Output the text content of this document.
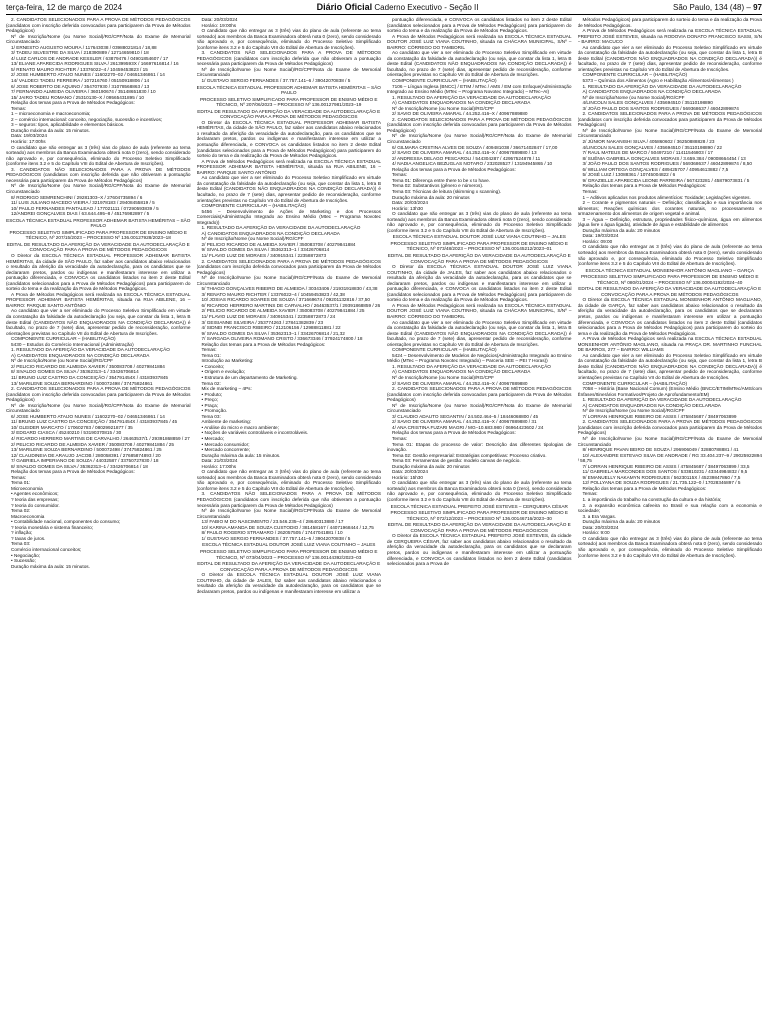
terça-feira, 12 de março de 2024	Diário Oficial Caderno Executivo - Seção II	São Paulo, 134 (48) – 97

2. CANDIDATOS SELECIONADOS PARA A PROVA DE MÉTODOS PEDAGÓGICOS (candidatos com inscrição deferida convocados para participarem da Prova de Métodos Pedagógicos)

Nº de Inscrição/Nome (ou Nome Social)/RG/CPF/Nota do Exame de Memorial Circunstanciado

1/ ERNESTO AUGUSTO MOURA / 117643038 / 03988021814 / 18,88

3/ TADEU SILVESTRE DA SILVA / 218390889 / 12714659810 / 18

4/ LUIZ CARLOS DE ANDRADE KESSLER / 63879476 / 04901854607 / 17

13/ ELIANE APARECIDA RODRIGUES SILVA / 261399593X / 16697616814 / 16

5/ RENATO MAURO RICHTER / 13376022–4 / 10459453823 / 15

2/ JOSE HUMBERTO ATAIJO NUNES / 11602270–02 / 04651346861 / 14

14/ VALDECI TADEU FERREIRA / 107216760 / 05150918806 / 14

6/ JOSE ROBERTO DE AQUINO / 354707930 / 31078568863 / 13

7/ FERNANDO ALMEIDA OLIVEIRA / 360190674 / 35148651830 / 10

15/ JAIRO TADEU ROMANO / 25310130–X / 09565431895 / 10

Relação dos temas para a Prova de Métodos Pedagógicos:

Temas:

1 – microeconomia e macroeconomia;

2 – comércio internacional: conceito, negociação, sucessão e incentivos;

3 – seguros: tipos, aplicabilidade e elementos básicos.

Duração máxima da aula: 15 minutos.

Data: 19/03/2024

Horário: 17:00hs

O candidato que não entregar as 3 (três) vias do plano de aula (referente ao tema sorteado) aos membros da Banca Examinadora obterá nota 0 (zero), sendo considerado não aprovado e, por consequência, eliminado do Processo Seletivo Simplificado (conforme itens 3.2 e 5 do Capítulo VIII do Edital de Abertura de Inscrições).

3. CANDIDATOS NÃO SELECIONADOS PARA A PROVA DE MÉTODOS PEDAGÓGICOS (candidatos com inscrição deferida que não obtiveram a pontuação necessária para participarem da Prova de Métodos Pedagógicos)

Nº de Inscrição/Nome (ou Nome Social)/RG/CPF/Nota do Exame de Memorial Circunstanciado

8/ RODRIGO SEMRENCHINI / 29281303–X / 27604735894 / 6

11/ LUIS JULIANO MACEDO VIEIRA / 321978183 / 29408455819 / 5

10/ PAULO FERNANDES PANTALEAO / 177021111 / 07290593839 / 5

12/ANDREI GONÇALVES DIAS / 63.644.495–8 / 45176982897 / 5

ESCOLA TÉCNICA ESTADUAL PROFESSOR ADHEMAR BATISTA HEMÉRITAS – SÃO PAULO

PROCESSO SELETIVO SIMPLIFICADO PARA PROFESSOR DE ENSINO MÉDIO E TÉCNICO, Nº 207/15/2023 – PROCESSO Nº 136.00127928/2023–18

EDITAL DE RESULTADO DA AFERIÇÃO DA VERACIDADE DA AUTODECLARAÇÃO E CONVOCAÇÃO PARA A PROVA DE MÉTODOS PEDAGÓGICOS

O Diretor da ESCOLA TÉCNICA ESTADUAL PROFESSOR ADHEMAR BATISTA HEMÉRITAS, da cidade de SÃO PAULO, faz saber aos candidatos abaixo relacionados o resultado da aferição da veracidade da autodeclaração, para os candidatos que se declararam pretos, pardos ou indígenas e manifestaram interesse em utilizar a pontuação diferenciada, e CONVOCA os candidatos listados no item 2 deste Edital (candidatos selecionados para a Prova de Métodos Pedagógicos) para participarem do sorteio do tema e da realização da Prova de Métodos Pedagógicos.

A Prova de Métodos Pedagógicos será realizada na ESCOLA TÉCNICA ESTADUAL PROFESSOR ADHEMAR BATISTA HEMÉRITAS, situada na RUA ABILENE, 16 – BAIRRO: PARQUE SANTO ANTÔNIO

Ao candidato que vier a ser eliminado do Processo Seletivo Simplificado em virtude da constatação da falsidade da autodeclaração (ou seja, que constar da lista 1, letra B deste Edital (CANDIDATOS NÃO ENQUADRADOS NA CONDIÇÃO DECLARADA)) é facultado, no prazo de 7 (sete) dias, apresentar pedido de reconsideração, conforme orientações previstas no Capítulo VII do Edital de Abertura de Inscrições.

COMPONENTE CURRICULAR – (HABILITAÇÃO)

5430 – Estudos do Comércio Internacional (Administração)

1. RESULTADO DA AFERIÇÃO DA VERACIDADE DA AUTODECLARAÇÃO

A) CANDIDATOS ENQUADRADOS NA CONDIÇÃO DECLARADA

Nº de Inscrição/Nome (ou Nome Social)/RG/CPF

2/ PELICIO RICARDO DE ALMEIDA XAVIER / 350083708 / 40279841884

8/ SIVALDO GOMES DA SILVA / 35362313–1 / 33426706814

11/ BRUNO LUIZ CASTRO DA CONCEIÇÃO / 354791454X / 43183937845

13/ MARILENE SOUZA BERNARDINO / 500072498 / 37475824861

2. CANDIDATOS SELECIONADOS PARA A PROVA DE MÉTODOS PEDAGÓGICOS (candidatos com inscrição deferida convocados para participarem da Prova de Métodos Pedagógicos)

Nº de Inscrição/Nome (ou Nome Social)/RG/CPF/Nota do Exame de Memorial Circunstanciado

6/ JOSE HUMBERTO ATAIJO NUNES / 11602270–02 / 04651346861 / 14

11/ BRUNO LUIZ CASTRO DA CONCEIÇÃO / 354791454X / 43183937845 / 45

10/ GLEIDER MARCATO / 170602783 / 08029921877 / 35

3/ EDGARD CIASCA / 45240210 / 53190370815 / 30

4/ RICARDO HERRERO MARTINS DE CARVALHO / 26463537/1 / 29391868859 / 27

2/ PELICIO RICARDO DE ALMEIDA XAVIER / 350083708 / 40279841884 / 25

13/ MARILENE SOUZA BERNARDINO / 500072498 / 37475824861 / 25

12/ CLAUDINEIA DE ARAUJO JACOB / 280058391 / 27685874893 / 20

7/ GABRIELA IMPERIANO DE SOUZA / 44032587 / 33750727830 / 18

8/ SIVALDO GOMES DA SILVA / 35362313–1 / 33426706814 / 18

Relação dos temas para a Prova de Métodos Pedagógicos:

Temas:

Tema 01:

Microeconomia

• Agentes econômicos;

? teoria das empresas;

? teoria do consumidor.

Tema 02:

Macroeconomia

• Contabilidade nacional, componentes do consumo;

? teoria monetária e sistema financeiro;

? inflação;

? taxas de juros.

Tema 03:

Comércio internacional conceitos;

• Negociação;

• Sucessão;

Duração máxima da aula: 15 minutos.

Data: 20/03/2024

Horário: 19:00hs

O candidato que não entregar as 3 (três) vias do plano de aula (referente ao tema sorteado) aos membros da Banca Examinadora obterá nota 0 (zero), sendo considerado não aprovado e, por consequência, eliminado do Processo Seletivo Simplificado (conforme itens 3.2 e 5 do Capítulo VIII do Edital de Abertura de Inscrições).

3. CANDIDATOS NÃO SELECIONADOS PARA A PROVA DE MÉTODOS PEDAGÓGICOS (candidatos com inscrição deferida que não obtiveram a pontuação necessária para participarem da Prova de Métodos Pedagógicos)

Nº de Inscrição/Nome (ou Nome Social)/RG/CPF/Nota do Exame de Memorial Circunstanciado

1/ GUSTAVO SERGIO FERNANDES / 37.757.141–6 / 39042070838 / 5

ESCOLA TÉCNICA ESTADUAL PROFESSOR ADHEMAR BATISTA HEMÉRITAS – SÃO PAULO

PROCESSO SELETIVO SIMPLIFICADO PARA PROFESSOR DE ENSINO MÉDIO E TÉCNICO, Nº 207/06/2023 – PROCESSO Nº 136.00127981/2023–19

EDITAL DE RESULTADO DA AFERIÇÃO DA VERACIDADE DA AUTODECLARAÇÃO E CONVOCAÇÃO PARA A PROVA DE MÉTODOS PEDAGÓGICOS

O Diretor da ESCOLA TÉCNICA ESTADUAL PROFESSOR ADHEMAR BATISTA HEMÉRITAS, da cidade de SÃO PAULO, faz saber aos candidatos abaixo relacionados o resultado da aferição da veracidade da autodeclaração, para os candidatos que se declararam pretos, pardos ou indígenas e manifestaram interesse em utilizar a pontuação diferenciada, e CONVOCA os candidatos listados no item 2 deste Edital (candidatos selecionados para a Prova de Métodos Pedagógicos) para participarem do sorteio do tema e da realização da Prova de Métodos Pedagógicos.

A Prova de Métodos Pedagógicos será realizada na ESCOLA TÉCNICA ESTADUAL PROFESSOR ADHEMAR BATISTA HEMÉRITAS, situada na RUA ABILENE, 16 – BAIRRO: PARQUE SANTO ANTÔNIO

Ao candidato que vier a ser eliminado do Processo Seletivo Simplificado em virtude da constatação da falsidade da autodeclaração (ou seja, que constar da lista 1, letra B deste Edital (CANDIDATOS NÃO ENQUADRADOS NA CONDIÇÃO DECLARADA)) é facultado, no prazo de 7 (sete) dias, apresentar pedido de reconsideração, conforme orientações previstas no Capítulo VII do Edital de Abertura de Inscrições.

COMPONENTE CURRICULAR – (HABILITAÇÃO)

5456 – Desenvolvimento de Ações de Marketing e dos Processos Comerciais(Administração Integrado ao Ensino Médio (Mtec – Programa Novotec Integrado))

1. RESULTADO DA AFERIÇÃO DA VERACIDADE DA AUTODECLARAÇÃO

A) CANDIDATOS ENQUADRADOS NA CONDIÇÃO DECLARADA

Nº de Inscrição/Nome (ou Nome Social)/RG/CPF

2/ PELICIO RICARDO DE ALMEIDA XAVIER / 350083708 / 40279841884

9/ SIVALDO GOMES DA SILVA / 35362313–1 / 33426706814

11/ FLAVIO LUIZ DE MORAES / 340915341 / 22358872873

2. CANDIDATOS SELECIONADOS PARA A PROVA DE MÉTODOS PEDAGÓGICOS (candidatos com inscrição deferida convocados para participarem da Prova de Métodos Pedagógicos)

Nº de Inscrição/Nome (ou Nome Social)/RG/CPF/Nota do Exame de Memorial Circunstanciado

5/ THIAGO GONÇALVES RIBEIRO DE ALMEIDA / 30343406 / 21931918830 / 43,38

3/ RENATO MAURO RICHTER / 13376022–4 / 10459453823 / 42,38

10/ JOSIAS RICARDO SOARES DE SOUZA / 371669674 / 09201132816 / 37,50

6/ RICARDO HERRERO MARTINS DE CARVALHO / 26463537/1 / 29391868859 / 26

2/ PELICIO RICARDO DE ALMEIDA XAVIER / 350083708 / 40279841884 / 25

11/ FLAVIO LUIZ DE MORAES / 340915341 / 22358872873 / 24

3/ GEISIANNE SILVEIRA / 253774263 / 27841382839 / 23

4/ SIDNEI FRANCISCO RIBEIRO / 212106156 / 12988811881 / 22

9/ SIVALDO GOMES DA SILVA / 35362313–1 / 33426706814 / 21,32

7/ SARGADA OLIVEIRA ROMANO CRISTO / 336673346 / 37924174800 / 18

Relação dos temas para a Prova de Métodos Pedagógicos:

Temas:

Tema 01:

Introdução ao Marketing:

• Conceito;

• Origem e evolução;

• Estrutura de um departamento de Marketing.

Tema 02:

Mix de marketing – 4Ps:

• Produto;

• Preço;

• Praça;

• Promoção.

Tema 03:

Ambiente de marketing:

• Análise do micro e macro ambiente;

• Noções de variáveis controláveis e incontroláveis.

• Mercado;

• Mercado consumidor;

• Mercado concorrente;

Duração máxima da aula: 15 minutos.

Data: 21/03/2024

Horário: 17:00hs

O candidato que não entregar as 3 (três) vias do plano de aula (referente ao tema sorteado) aos membros da Banca Examinadora obterá nota 0 (zero), sendo considerado não aprovado e, por consequência, eliminado do Processo Seletivo Simplificado (conforme itens 3.2 e 5 do Capítulo VIII do Edital de Abertura de Inscrições).

3. CANDIDATOS NÃO SELECIONADOS PARA A PROVA DE MÉTODOS PEDAGÓGICOS (candidatos com inscrição deferida que não obtiveram a pontuação necessária para participarem da Prova de Métodos Pedagógicos)

Nº de Inscrição/Nome (ou Nome Social)/RG/CPF/Nota do Exame de Memorial Circunstanciado

13/ FABIO M DO NASCIMENTO / 23.546.235–4 / 28640313880 / 17

10/ KARINA AMANDA DE SOUZA CUSTODIO / 381458167 / 44071968444 / 12,75

8/ PAULO ROGERIO STRAMARO / 262057505 / 17447041881 / 10

1/ GUSTAVO SERGIO FERNANDES / 37.757.141–6 / 39042070838 / 5

ESCOLA TÉCNICA ESTADUAL DOUTOR JOSÉ LUIZ VIANA COUTINHO – JALES

PROCESSO SELETIVO SIMPLIFICADO PARA PROFESSOR DE ENSINO MÉDIO E TÉCNICO, Nº 073/04/2023 – PROCESSO Nº 136.00144392/2023–03

EDITAL DE RESULTADO DA AFERIÇÃO DA VERACIDADE DA AUTODECLARAÇÃO E CONVOCAÇÃO PARA A PROVA DE MÉTODOS PEDAGÓGICOS

O Diretor da ESCOLA TÉCNICA ESTADUAL DOUTOR JOSÉ LUIZ VIANA COUTINHO, da cidade de JALES, faz saber aos candidatos abaixo relacionados o resultado da aferição da veracidade da autodeclaração, para os candidatos que se declararam pretos, pardos ou indígenas e manifestaram interesse em utilizar a

pontuação diferenciada, e CONVOCA os candidatos listados no item 2 deste Edital (candidatos selecionados para a Prova de Métodos Pedagógicos) para participarem do sorteio do tema e da realização da Prova de Métodos Pedagógicos.

A Prova de Métodos Pedagógicos será realizada na ESCOLA TÉCNICA ESTADUAL DOUTOR JOSÉ LUIZ VIANA COUTINHO, situada na CHÁCARA MUNICIPAL, S/Nº – BAIRRO: CÓRREGO DO TAMBORIL

Ao candidato que vier a ser eliminado do Processo Seletivo Simplificado em virtude da constatação da falsidade da autodeclaração (ou seja, que constar da lista 1, letra B deste Edital (CANDIDATOS NÃO ENQUADRADOS NA CONDIÇÃO DECLARADA)) é facultado, no prazo de 7 (sete) dias, apresentar pedido de reconsideração, conforme orientações previstas no Capítulo VII do Edital de Abertura de Inscrições.

COMPONENTE CURRICULAR – (HABILITAÇÃO)

7106 – Língua Inglesa (BNCC) / ETIM / MTec / AMS / EM com Enfoque(Administração Integrado ao Ensino Médio (MTec – Programa Novotec Integrado) – MTec–AI)

1. RESULTADO DA AFERIÇÃO DA VERACIDADE DA AUTODECLARAÇÃO

A) CANDIDATOS ENQUADRADOS NA CONDIÇÃO DECLARADA

Nº de Inscrição/Nome (ou Nome Social)/RG/CPF

2/ SAVIO DE OLIVEIRA AMARAL / 44.252.416–X / 40967889880

2. CANDIDATOS SELECIONADOS PARA A PROVA DE MÉTODOS PEDAGÓGICOS (candidatos com inscrição deferida convocados para participarem da Prova de Métodos Pedagógicos)

Nº de Inscrição/Nome (ou Nome Social)/RG/CPF/Nota do Exame de Memorial Circunstanciado

6/ GILMARA CRISTINA ALVES DE SOUZA / 409481038 / 36671402847 / 17,00

2/ SAVIO DE OLIVEIRA AMARAL / 44.252.416–X / 40967889880 / 13

2/ ANDRESSA DELAGO PESCAROLI / 544304287 / 42957524878 / 11

4/ NADIA ANGELICA BEZUGLAS NOTARO / 232028527 / 13194945865 / 10

Relação dos temas para a Prova de Métodos Pedagógicos:

Temas:

Tema 01: Diferença entre there to be x to have.

Tema 02: Substantivos (gênero e números).

Tema 03: Técnicas de leitura (skimming x scanning).

Duração máxima da aula: 20 minutos

Data: 20/03/2024

Horário: 13h30

O candidato que não entregar as 3 (três) vias do plano de aula (referente ao tema sorteado) aos membros da Banca Examinadora obterá nota 0 (zero), sendo considerado não aprovado e, por consequência, eliminado do Processo Seletivo Simplificado (conforme itens 3.2 e 5 do Capítulo VIII do Edital de Abertura de Inscrições).

ESCOLA TÉCNICA ESTADUAL DOUTOR JOSÉ LUIZ VIANA COUTINHO – JALES

PROCESSO SELETIVO SIMPLIFICADO PARA PROFESSOR DE ENSINO MÉDIO E TÉCNICO, Nº 073/48/2023 – PROCESSO Nº 136.00145212/2023–01

EDITAL DE RESULTADO DA AFERIÇÃO DA VERACIDADE DA AUTODECLARAÇÃO E CONVOCAÇÃO PARA A PROVA DE MÉTODOS PEDAGÓGICOS

O Diretor da ESCOLA TÉCNICA ESTADUAL DOUTOR JOSÉ LUIZ VIANA COUTINHO, da cidade de JALES, faz saber aos candidatos abaixo relacionados o resultado da aferição da veracidade da autodeclaração, para os candidatos que se declararam pretos, pardos ou indígenas e manifestaram interesse em utilizar a pontuação diferenciada, e CONVOCA os candidatos listados no item 2 deste Edital (candidatos selecionados para a Prova de Métodos Pedagógicos) para participarem do sorteio do tema e da realização da Prova de Métodos Pedagógicos.

A Prova de Métodos Pedagógicos será realizada na ESCOLA TÉCNICA ESTADUAL DOUTOR JOSÉ LUIZ VIANA COUTINHO, situada na CHÁCARA MUNICIPAL, S/Nº – BAIRRO: CÓRREGO DO TAMBORIL

Ao candidato que vier a ser eliminado do Processo Seletivo Simplificado em virtude da constatação da falsidade da autodeclaração (ou seja, que constar da lista 1, letra B deste Edital (CANDIDATOS NÃO ENQUADRADOS NA CONDIÇÃO DECLARADA)) é facultado, no prazo de 7 (sete) dias, apresentar pedido de reconsideração, conforme orientações previstas no Capítulo VII do Edital de Abertura de Inscrições.

COMPONENTE CURRICULAR – (HABILITAÇÃO)

5424 – Desenvolvimento de Modelos de Negócios(Administração Integrado ao Ensino Médio (MTec – Programa Novotec Integrado) – Parceria SEE – PEI 7 Horas))

1. RESULTADO DA AFERIÇÃO DA VERACIDADE DA AUTODECLARAÇÃO

A) CANDIDATOS ENQUADRADOS NA CONDIÇÃO DECLARADA

Nº de Inscrição/Nome (ou Nome Social)/RG/CPF

2/ SAVIO DE OLIVEIRA AMARAL / 44.252.416–X / 40967889880

2. CANDIDATOS SELECIONADOS PARA A PROVA DE MÉTODOS PEDAGÓGICOS (candidatos com inscrição deferida convocados para participarem da Prova de Métodos Pedagógicos)

Nº de Inscrição/Nome (ou Nome Social)/RG/CPF/Nota do Exame de Memorial Circunstanciado

3/ CLAUDIO ADAUTO SEGANTIN / 24.502.464–5 / 18446068800 / 45

2/ SAVIO DE OLIVEIRA AMARAL / 44.252.416–X / 40967889880 / 31

4/ ANA CRISTINA FUZARI MAGRI / MG–10.683.980 / 06964423602 / 24

Relação dos temas para a Prova de Métodos Pedagógicos:

Temas:

Tema 01: Etapas do processo de valor: Descrição das diferentes tipologias de inovação.

Tema 02: Gestão empresarial: Estratégias competitivas: Processo criativo.

Tema 03: Ferramentas de gestão: modelo canvas de negócio.

Duração máxima da aula: 20 minutos

Data: 20/03/2024

Horário: 15h30

O candidato que não entregar as 3 (três) vias do plano de aula (referente ao tema sorteado) aos membros da Banca Examinadora obterá nota 0 (zero), sendo considerado não aprovado e, por consequência, eliminado do Processo Seletivo Simplificado (conforme itens 3.2 e 5 do Capítulo VIII do Edital de Abertura de Inscrições).

ESCOLA TÉCNICA ESTADUAL PREFEITO JOSÉ ESTEVES – CERQUEIRA CÉSAR

PROCESSO SELETIVO SIMPLIFICADO PARA PROFESSOR DE ENSINO MÉDIO E TÉCNICO, Nº 072/12/2023 – PROCESSO Nº 136.00146716/2023–30

EDITAL DE RESULTADO DA AFERIÇÃO DA VERACIDADE DA AUTODECLARAÇÃO E CONVOCAÇÃO PARA A PROVA DE MÉTODOS PEDAGÓGICOS

O Diretor da ESCOLA TÉCNICA ESTADUAL PREFEITO JOSÉ ESTEVES, da cidade de CERQUEIRA CÉSAR, faz saber aos candidatos abaixo relacionados o resultado da aferição da veracidade da autodeclaração, para os candidatos que se declararam pretos, pardos ou indígenas e manifestaram interesse em utilizar a pontuação diferenciada, e CONVOCA os candidatos listados no item 2 deste Edital (candidatos selecionados para a Prova de

Métodos Pedagógicos) para participarem do sorteio do tema e da realização da Prova de Métodos Pedagógicos.

A Prova de Métodos Pedagógicos será realizada na ESCOLA TÉCNICA ESTADUAL PREFEITO JOSÉ ESTEVES, situada na RODOVIA DONATO FRANCISCO SASSI, S/N – BAIRRO: MACUCO

Ao candidato que vier a ser eliminado do Processo Seletivo Simplificado em virtude da constatação da falsidade da autodeclaração (ou seja, que constar da lista 1, letra B deste Edital (CANDIDATOS NÃO ENQUADRADOS NA CONDIÇÃO DECLARADA)) é facultado, no prazo de 7 (sete) dias, apresentar pedido de reconsideração, conforme orientações previstas no Capítulo VII do Edital de Abertura de Inscrições.

COMPONENTE CURRICULAR – (HABILITAÇÃO)

5373 – Química dos Alimentos (Agro e Habilitação Alimentos/Alimentos )

1. RESULTADO DA AFERIÇÃO DA VERACIDADE DA AUTODECLARAÇÃO

A) CANDIDATOS ENQUADRADOS NA CONDIÇÃO DECLARADA

Nº de Inscrição/Nome (ou Nome Social)/RG/CPF

4/LINCOLN SALES GONÇALVES / 435694510 / 35110198890

3/ JOÃO PAULO DOS SANTOS RODRIGUES / 569368637 / 46042899874

2. CANDIDATOS SELECIONADOS PARA A PROVA DE MÉTODOS PEDAGÓGICOS (candidatos com inscrição deferida convocados para participarem da Prova de Métodos Pedagógicos)

Nº de Inscrição/Nome (ou Nome Social)/RG/CPF/Nota do Exame de Memorial Circunstanciado

2/ JÚNIOR NAKANISHI SILVA / 405860602 / 36250888828 / 23

4/LINCOLN SALES GONÇALVES / 435694510 / 35110198890 / 22

7/ RAUL MATEUS DE MARCO / 50497210 / 11411546803 / 17

8/ SUÊNIA GABRIELA GONÇALVES MORAIS / 3.659.384 / 09008664454 / 13

3/ JOÃO PAULO DOS SANTOS RODRIGUES / 569368637 / 46042899874 / 8,50

6/ WILLIAM ORTEGA GONÇALVES / 489425707 / 40954613882 / 7,5

5/ JOSÉ LUIZ / 13088361 / 10745004822 / 6

9/ GRAZIELLE APARECIDA LEONE PARREIRA / 567423281 / 45879073831 / 5

Relação dos temas para a Prova de Métodos Pedagógicos:

Temas:

1 – Aditivos aplicados nos produtos alimentícios: Toxidade; Legislações vigentes.

2 – Corante e pigmentos naturais – Definição; classificação e sua importância nos alimentos; Reações químicas dos corantes naturais, no processamento e armazenamento dos alimentos de origem vegetal e animal.

3 – Água – Definição, estrutura, propriedades físico–químicas, água em alimentos (água livre x água ligada), atividade de água e estabilidade de alimentos

Duração máxima da aula: 20 minutos

Data: 19/03/2024

Horário: 09:00

O candidato que não entregar as 3 (três) vias do plano de aula (referente ao tema sorteado) aos membros da Banca Examinadora obterá nota 0 (zero), sendo considerado não aprovado e, por consequência, eliminado do Processo Seletivo Simplificado (conforme itens 3.2 e 5 do Capítulo VIII do Edital de Abertura de Inscrições).

ESCOLA TÉCNICA ESTADUAL MONSENHOR ANTÔNIO MAGLIANO – GARÇA

PROCESSO SELETIVO SIMPLIFICADO PARA PROFESSOR DE ENSINO MÉDIO E TÉCNICO, Nº 080/01/2024 – PROCESSO Nº 136.00004192/2024–40

EDITAL DE RESULTADO DA AFERIÇÃO DA VERACIDADE DA AUTODECLARAÇÃO E CONVOCAÇÃO PARA A PROVA DE MÉTODOS PEDAGÓGICOS

O Diretor da ESCOLA TÉCNICA ESTADUAL MONSENHOR ANTÔNIO MAGLIANO, da cidade de GARÇA, faz saber aos candidatos abaixo relacionados o resultado da aferição da veracidade da autodeclaração, para os candidatos que se declararam pretos, pardos ou indígenas e manifestaram interesse em utilizar a pontuação diferenciada, e CONVOCA os candidatos listados no item 2 deste Edital (candidatos selecionados para a Prova de Métodos Pedagógicos) para participarem do sorteio do tema e da realização da Prova de Métodos Pedagógicos.

A Prova de Métodos Pedagógicos será realizada na ESCOLA TÉCNICA ESTADUAL MONSENHOR ANTÔNIO MAGLIANO, situada na PRAÇA DR. MARTINHO FUNCHAL DE BARROS, 277 – BAIRRO: WILLIAMS

Ao candidato que vier a ser eliminado do Processo Seletivo Simplificado em virtude da constatação da falsidade da autodeclaração (ou seja, que constar da lista 1, letra B deste Edital (CANDIDATOS NÃO ENQUADRADOS NA CONDIÇÃO DECLARADA)) é facultado, no prazo de 7 (sete) dias, apresentar pedido de reconsideração, conforme orientações previstas no Capítulo VII do Edital de Abertura de Inscrições.

COMPONENTE CURRICULAR – (HABILITAÇÃO)

7058 – História (Base Nacional Comum) (Ensino Médio (BNCC/ETIM/MTec/AMS/com Ênfases/Itinerários Formativos/Projeto de Aprofundamento/EM)

1. RESULTADO DA AFERIÇÃO DA VERACIDADE DA AUTODECLARAÇÃO

A) CANDIDATOS ENQUADRADOS NA CONDIÇÃO DECLARADA

Nº de Inscrição/Nome (ou Nome Social)/RG/CPF

7/ LORRAN HENRIQUE RIBEIRO DE ASSIS / 475845687 / 38497063899

2. CANDIDATOS SELECIONADOS PARA A PROVA DE MÉTODOS PEDAGÓGICOS (candidatos com inscrição deferida convocados para participarem da Prova de Métodos Pedagógicos)

Nº de Inscrição/Nome (ou Nome Social)/RG/CPF/Nota do Exame de Memorial Circunstanciado

8/ HENRIQUE PAVAN BEIRO DE SOUZA / 296906049 / 32880788881 / 41

10/ ALEXANDRE ESTEVAO SILVA DE ANDRADE / RG 33.404.237–9 / 29025922894 / 58,75

7/ LORRAN HENRIQUE RIBEIRO DE ASSIS / 475845687 / 38497063899 / 33,5

11/ GABRIELA MARCONDES DOS SANTOS / 533810231 / 43344984832 / 9,5

9/ EMANUELLY NAKAMYN RODRIGUES / 56230115X / 45239847860 / 7,5

12/ POLLYANA DE SOUZA RODRIGUES / 21.735.122–0 / 17028346897 / 5

Relação dos temas para a Prova de Métodos Pedagógicos:

Temas:

1. a importância do trabalho na construção da cultura e da história;

2. a expansão econômica cafeeira no Brasil e sua relação com a economia e sociedade;

3. a Era Vargas.

Duração máxima da aula: 20 minutos

Data: 20/03/2024

Horário: 9:00

O candidato que não entregar as 3 (três) vias do plano de aula (referente ao tema sorteado) aos membros da Banca Examinadora obterá nota 0 (zero), sendo considerado não aprovado e, por consequência, eliminado do Processo Seletivo Simplificado (conforme itens 3.2 e 5 do Capítulo VIII do Edital de Abertura de Inscrições).
